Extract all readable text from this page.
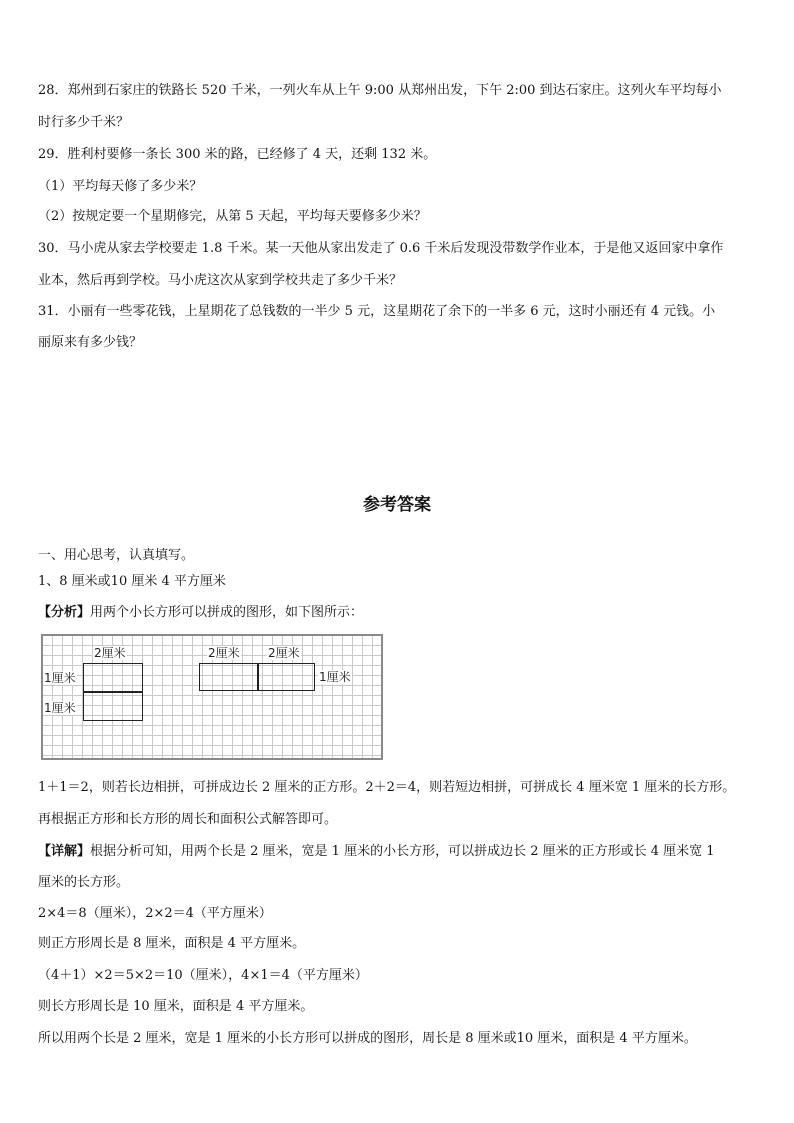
28．郑州到石家庄的铁路长 520 千米，一列火车从上午 9:00 从郑州出发，下午 2:00 到达石家庄。这列火车平均每小
时行多少千米？
29．胜利村要修一条长 300 米的路，已经修了 4 天，还剩 132 米。
（1）平均每天修了多少米？
（2）按规定要一个星期修完，从第 5 天起，平均每天要修多少米？
30．马小虎从家去学校要走 1.8 千米。某一天他从家出发走了 0.6 千米后发现没带数学作业本，于是他又返回家中拿作
业本，然后再到学校。马小虎这次从家到学校共走了多少千米？
31．小丽有一些零花钱，上星期花了总钱数的一半少 5 元，这星期花了余下的一半多 6 元，这时小丽还有 4 元钱。小
丽原来有多少钱？
参考答案
一、用心思考，认真填写。
1、8 厘米或10 厘米 4 平方厘米
【分析】用两个小长方形可以拼成的图形，如下图所示：
2厘米
1厘米
1厘米
2厘米 2厘米
1厘米
1＋1＝2，则若长边相拼，可拼成边长 2 厘米的正方形。2＋2＝4，则若短边相拼，可拼成长 4 厘米宽 1 厘米的长方形。
再根据正方形和长方形的周长和面积公式解答即可。
【详解】根据分析可知，用两个长是 2 厘米，宽是 1 厘米的小长方形，可以拼成边长 2 厘米的正方形或长 4 厘米宽 1
厘米的长方形。
2×4＝8（厘米），2×2＝4（平方厘米）
则正方形周长是 8 厘米，面积是 4 平方厘米。
（4＋1）×2＝5×2＝10（厘米），4×1＝4（平方厘米）
则长方形周长是 10 厘米，面积是 4 平方厘米。
所以用两个长是 2 厘米，宽是 1 厘米的小长方形可以拼成的图形，周长是 8 厘米或10 厘米，面积是 4 平方厘米。
